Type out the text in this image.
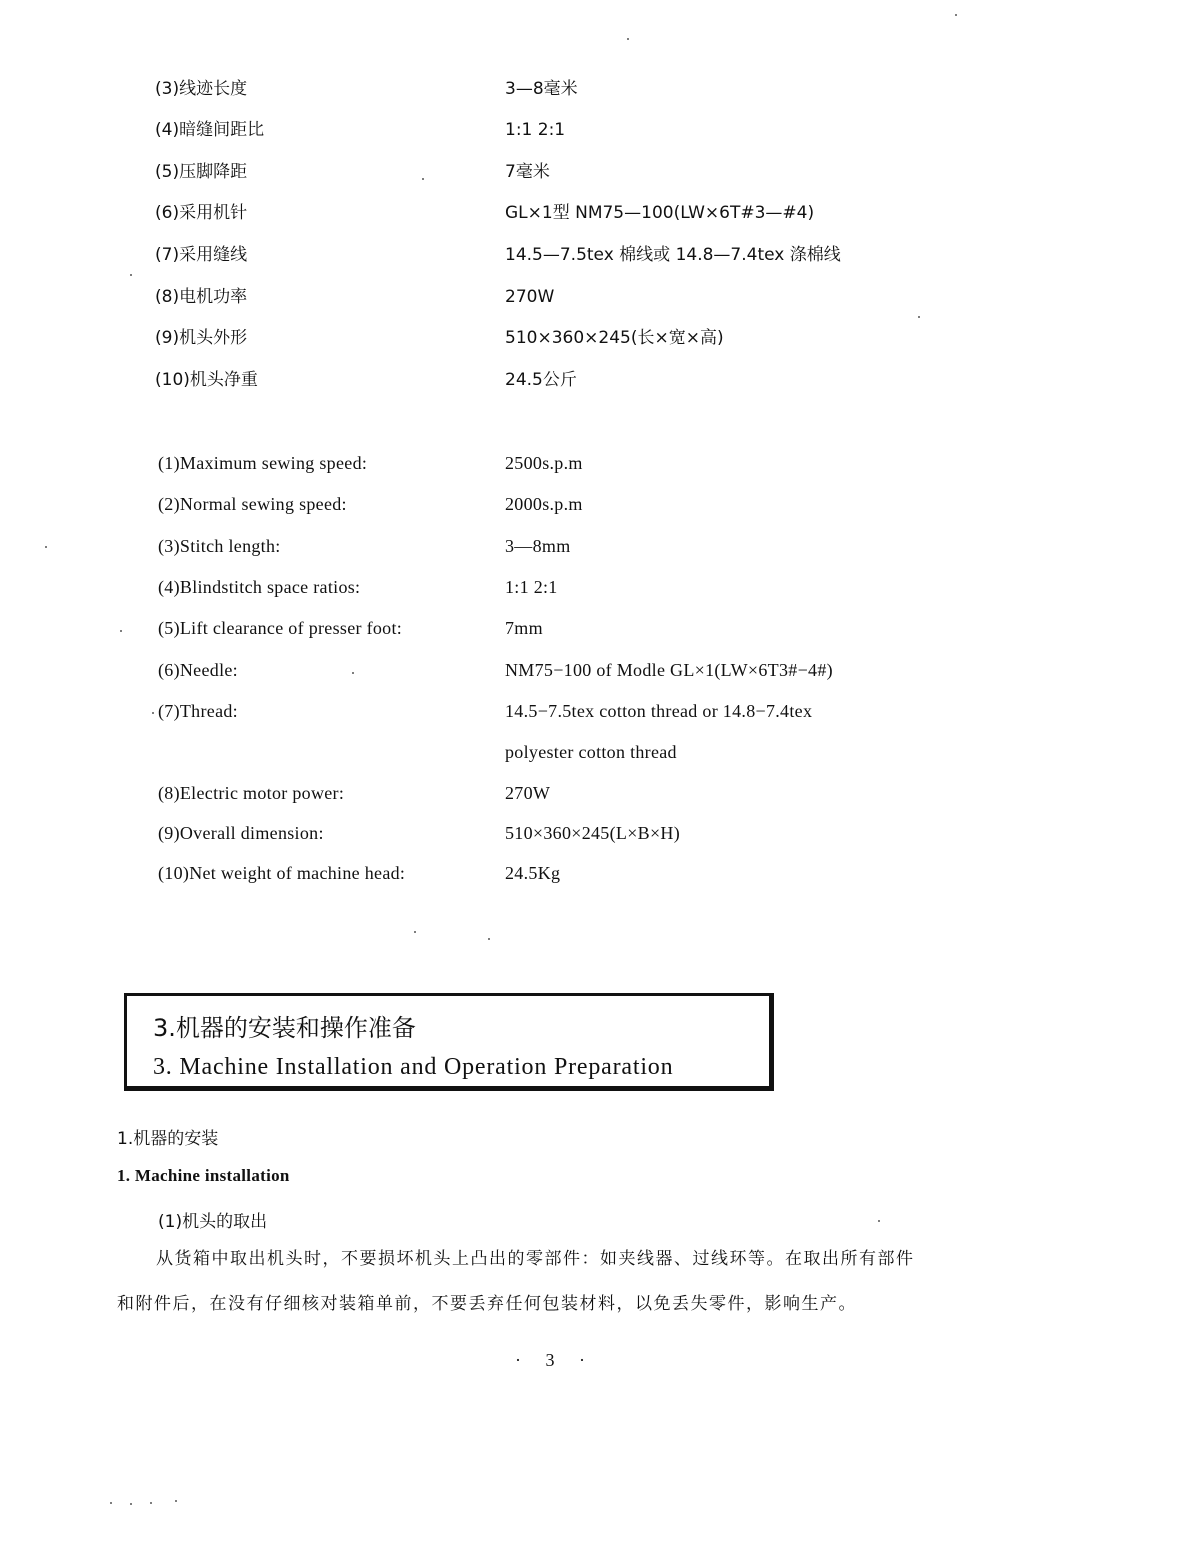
(3)线迹长度	3—8毫米
(4)暗缝间距比	1:1 2:1
(5)压脚降距	7毫米
(6)采用机针	GL×1型 NM75—100(LW×6T#3—#4)
(7)采用缝线	14.5—7.5tex 棉线或 14.8—7.4tex 涤棉线
(8)电机功率	270W
(9)机头外形	510×360×245(长×宽×高)
(10)机头净重	24.5公斤
(1)Maximum sewing speed:	2500s.p.m
(2)Normal sewing speed:	2000s.p.m
(3)Stitch length:	3—8mm
(4)Blindstitch space ratios:	1:1 2:1
(5)Lift clearance of presser foot:	7mm
(6)Needle:	NM75−100 of Modle GL×1(LW×6T3#−4#)
(7)Thread:	14.5−7.5tex cotton thread or 14.8−7.4tex
polyester cotton thread
(8)Electric motor power:	270W
(9)Overall dimension:	510×360×245(L×B×H)
(10)Net weight of machine head:	24.5Kg
3.机器的安装和操作准备
3. Machine Installation and Operation Preparation
1.机器的安装
1. Machine installation
(1)机头的取出
从货箱中取出机头时，不要损坏机头上凸出的零部件：如夹线器、过线环等。在取出所有部件
和附件后，在没有仔细核对装箱单前，不要丢弃任何包装材料，以免丢失零件，影响生产。
· 3 ·
